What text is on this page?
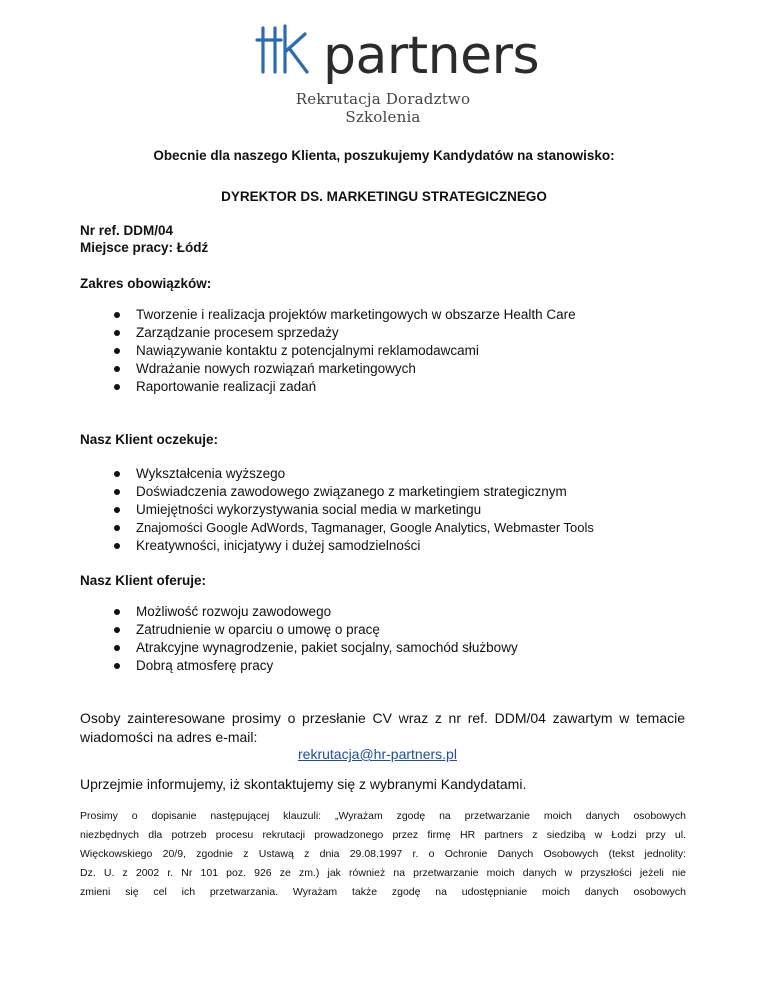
partners
Rekrutacja Doradztwo Szkolenia
Obecnie dla naszego Klienta, poszukujemy Kandydatów na stanowisko:
DYREKTOR DS. MARKETINGU STRATEGICZNEGO
Nr ref. DDM/04
Miejsce pracy: Łódź
Zakres obowiązków:
Tworzenie i realizacja projektów marketingowych w obszarze Health Care
Zarządzanie procesem sprzedaży
Nawiązywanie kontaktu z potencjalnymi reklamodawcami
Wdrażanie nowych rozwiązań marketingowych
Raportowanie realizacji zadań
Nasz Klient oczekuje:
Wykształcenia wyższego
Doświadczenia zawodowego związanego z marketingiem strategicznym
Umiejętności wykorzystywania social media w marketingu
Znajomości Google AdWords, Tagmanager, Google Analytics, Webmaster Tools
Kreatywności, inicjatywy i dużej samodzielności
Nasz Klient oferuje:
Możliwość rozwoju zawodowego
Zatrudnienie w oparciu o umowę o pracę
Atrakcyjne wynagrodzenie, pakiet socjalny, samochód służbowy
Dobrą atmosferę pracy
Osoby zainteresowane prosimy o przesłanie CV wraz z nr ref. DDM/04 zawartym w temacie
wiadomości na adres e-mail:
rekrutacja@hr-partners.pl
Uprzejmie informujemy, iż skontaktujemy się z wybranymi Kandydatami.
Prosimy o dopisanie następującej klauzuli: „Wyrażam zgodę na przetwarzanie moich danych osobowych
niezbędnych dla potrzeb procesu rekrutacji prowadzonego przez firmę HR partners z siedzibą w Łodzi przy ul.
Więckowskiego 20/9, zgodnie z Ustawą z dnia 29.08.1997 r. o Ochronie Danych Osobowych (tekst jednolity:
Dz. U. z 2002 r. Nr 101 poz. 926 ze zm.) jak również na przetwarzanie moich danych w przyszłości jeżeli nie
zmieni się cel ich przetwarzania. Wyrażam także zgodę na udostępnianie moich danych osobowych
